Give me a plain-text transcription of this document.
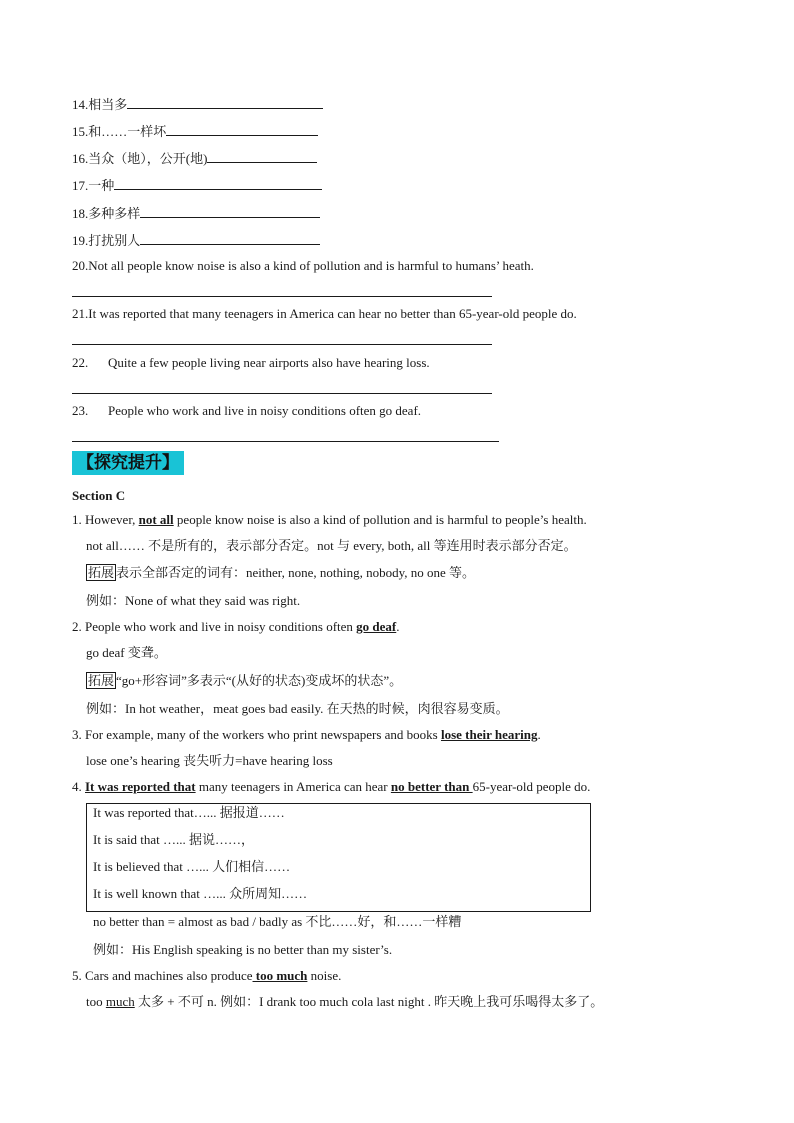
14.相当多
15.和……一样坏
16.当众（地），公开(地)
17.一种
18.多种多样
19.打扰别人
20.Not all people know noise is also a kind of pollution and is harmful to humans’ heath.
21.It was reported that many teenagers in America can hear no better than 65-year-old people do.
22. Quite a few people living near airports also have hearing loss.
23. People who work and live in noisy conditions often go deaf.
【探究提升】
Section C
1. However, not all people know noise is also a kind of pollution and is harmful to people’s health.
not all…… 不是所有的，表示部分否定。not 与 every, both, all 等连用时表示部分否定。
拓展 表示全部否定的词有：neither, none, nothing, nobody, no one 等。
例如：None of what they said was right.
2. People who work and live in noisy conditions often go deaf.
go deaf 变聋。
拓展 “go+形容词”多表示“(从好的状态)变成坏的状态”。
例如：In hot weather，meat goes bad easily. 在天热的时候，肉很容易变质。
3. For example, many of the workers who print newspapers and books lose their hearing.
lose one’s hearing 丧失听力=have hearing loss
4. It was reported that many teenagers in America can hear no better than 65-year-old people do.
It was reported that…... 据报道……
It is said that …... 据说……，
It is believed that …... 人们相信……
It is well known that …... 众所周知……
no better than = almost as bad / badly as 不比……好，和……一样糟
例如：His English speaking is no better than my sister’s.
5. Cars and machines also produce too much noise.
too much 太多 + 不可 n. 例如：I drank too much cola last night . 昨天晚上我可乐喝得太多了。
